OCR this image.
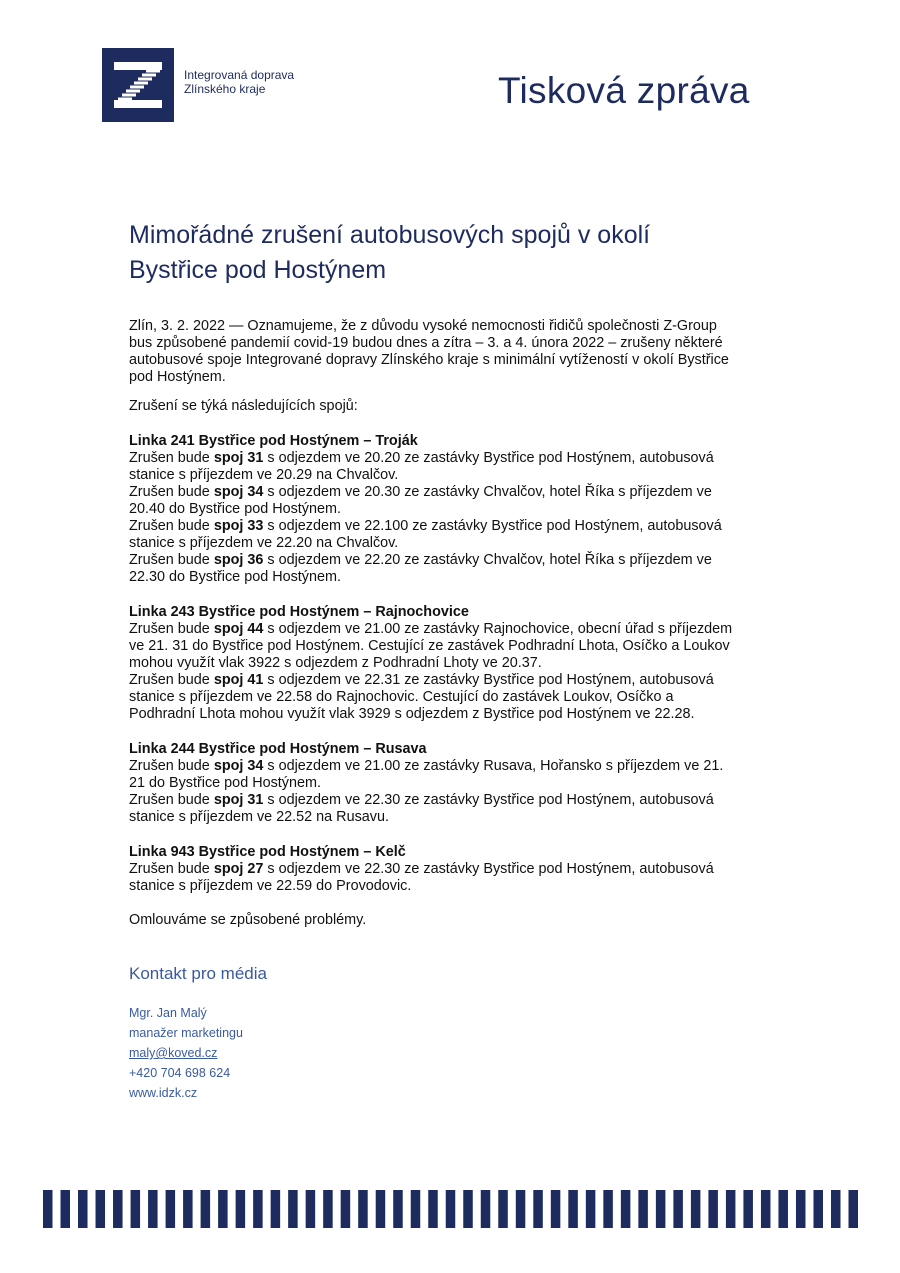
Integrovaná doprava
Zlínského kraje	Tisková zpráva
Mimořádné zrušení autobusových spojů v okolí
Bystřice pod Hostýnem

Zlín, 3. 2. 2022 — Oznamujeme, že z důvodu vysoké nemocnosti řidičů společnosti Z-Group
bus způsobené pandemií covid-19 budou dnes a zítra – 3. a 4. února 2022 – zrušeny některé
autobusové spoje Integrované dopravy Zlínského kraje s minimální vytížeností v okolí Bystřice
pod Hostýnem.

Zrušení se týká následujících spojů:

Linka 241 Bystřice pod Hostýnem – Troják
Zrušen bude spoj 31 s odjezdem ve 20.20 ze zastávky Bystřice pod Hostýnem, autobusová
stanice s příjezdem ve 20.29 na Chvalčov.
Zrušen bude spoj 34 s odjezdem ve 20.30 ze zastávky Chvalčov, hotel Říka s příjezdem ve
20.40 do Bystřice pod Hostýnem.
Zrušen bude spoj 33 s odjezdem ve 22.100 ze zastávky Bystřice pod Hostýnem, autobusová
stanice s příjezdem ve 22.20 na Chvalčov.
Zrušen bude spoj 36 s odjezdem ve 22.20 ze zastávky Chvalčov, hotel Říka s příjezdem ve
22.30 do Bystřice pod Hostýnem.
Linka 243 Bystřice pod Hostýnem – Rajnochovice
Zrušen bude spoj 44 s odjezdem ve 21.00 ze zastávky Rajnochovice, obecní úřad s příjezdem
ve 21. 31 do Bystřice pod Hostýnem. Cestující ze zastávek Podhradní Lhota, Osíčko a Loukov
mohou využít vlak 3922 s odjezdem z Podhradní Lhoty ve 20.37.
Zrušen bude spoj 41 s odjezdem ve 22.31 ze zastávky Bystřice pod Hostýnem, autobusová
stanice s příjezdem ve 22.58 do Rajnochovic. Cestující do zastávek Loukov, Osíčko a
Podhradní Lhota mohou využít vlak 3929 s odjezdem z Bystřice pod Hostýnem ve 22.28.
Linka 244 Bystřice pod Hostýnem – Rusava
Zrušen bude spoj 34 s odjezdem ve 21.00 ze zastávky Rusava, Hořansko s příjezdem ve 21.
21 do Bystřice pod Hostýnem.
Zrušen bude spoj 31 s odjezdem ve 22.30 ze zastávky Bystřice pod Hostýnem, autobusová
stanice s příjezdem ve 22.52 na Rusavu.
Linka 943 Bystřice pod Hostýnem – Kelč
Zrušen bude spoj 27 s odjezdem ve 22.30 ze zastávky Bystřice pod Hostýnem, autobusová
stanice s příjezdem ve 22.59 do Provodovic.

Omlouváme se způsobené problémy.

Kontakt pro média
Mgr. Jan Malý
manažer marketingu
maly@koved.cz
+420 704 698 624
www.idzk.cz
